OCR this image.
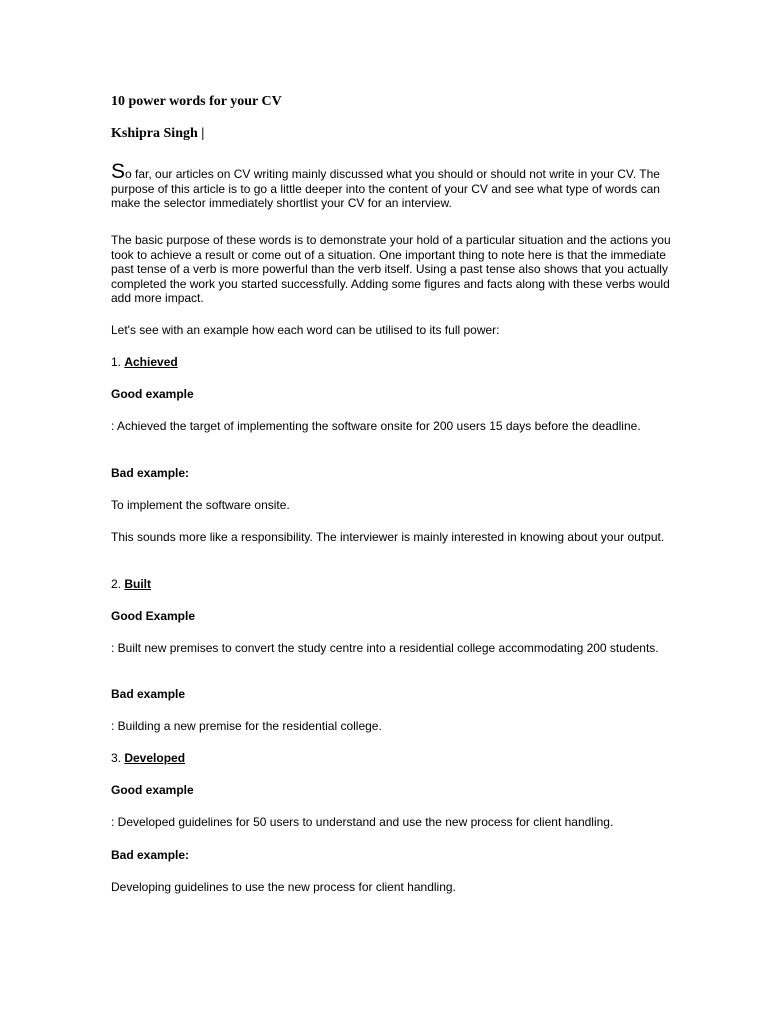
10 power words for your CV
Kshipra Singh |

So far, our articles on CV writing mainly discussed what you should or should not write in your CV. The purpose of this article is to go a little deeper into the content of your CV and see what type of words can make the selector immediately shortlist your CV for an interview.

The basic purpose of these words is to demonstrate your hold of a particular situation and the actions you took to achieve a result or come out of a situation. One important thing to note here is that the immediate past tense of a verb is more powerful than the verb itself. Using a past tense also shows that you actually completed the work you started successfully. Adding some figures and facts along with these verbs would add more impact.

Let's see with an example how each word can be utilised to its full power:

1. Achieved

Good example

: Achieved the target of implementing the software onsite for 200 users 15 days before the deadline.

Bad example:

To implement the software onsite.

This sounds more like a responsibility. The interviewer is mainly interested in knowing about your output.

2. Built

Good Example

: Built new premises to convert the study centre into a residential college accommodating 200 students.

Bad example

: Building a new premise for the residential college.

3. Developed

Good example

: Developed guidelines for 50 users to understand and use the new process for client handling.

Bad example:

Developing guidelines to use the new process for client handling.
